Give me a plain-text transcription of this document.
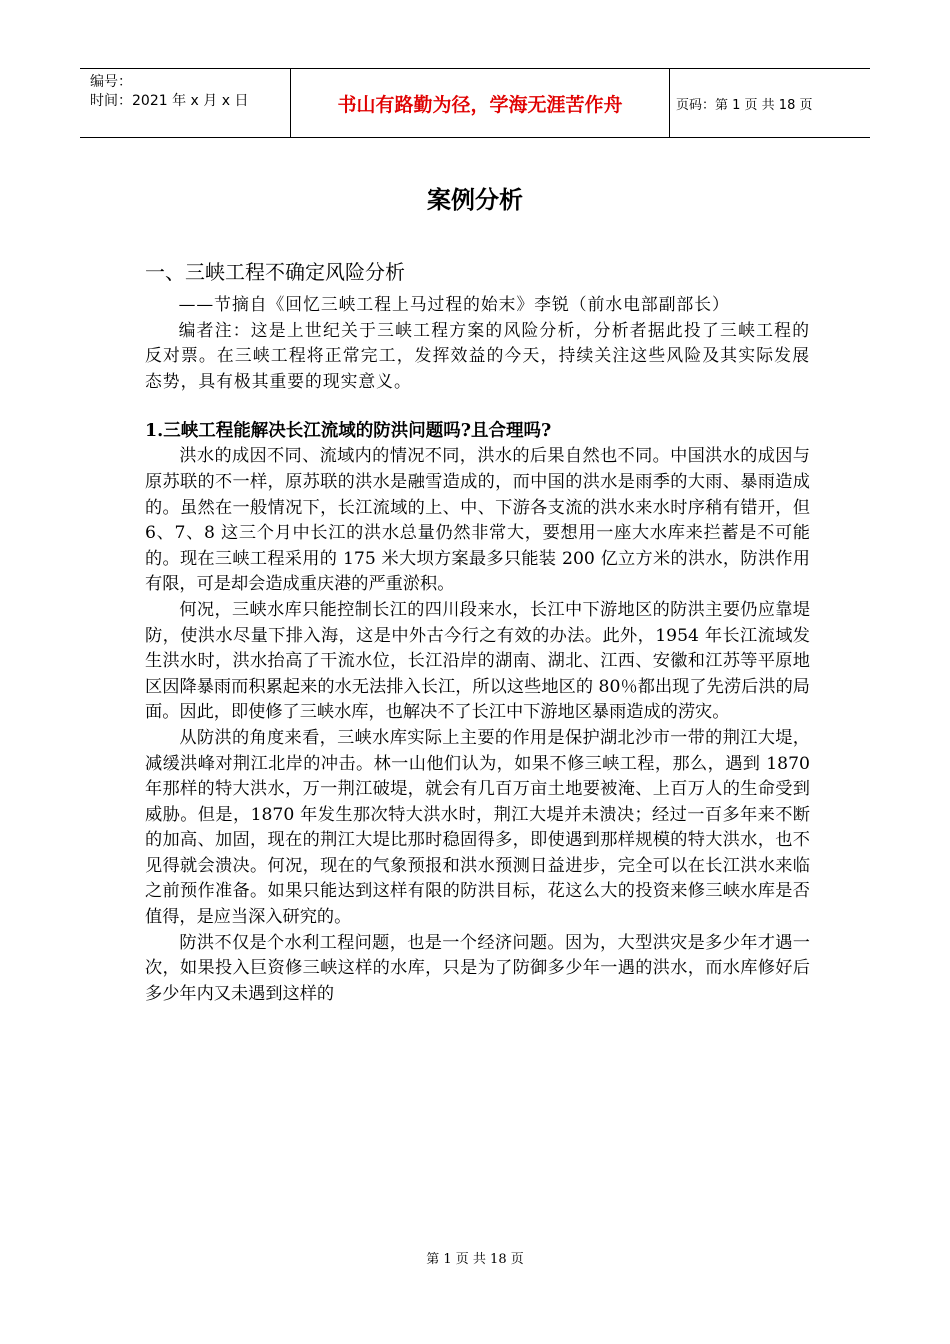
编号：
时间：2021 年 x 月 x 日	书山有路勤为径，学海无涯苦作舟	页码：第 1 页 共 18 页
案例分析
一、三峡工程不确定风险分析

——节摘自《回忆三峡工程上马过程的始末》李锐（前水电部副部长）

编者注：这是上世纪关于三峡工程方案的风险分析，分析者据此投了三峡工程的反对票。在三峡工程将正常完工，发挥效益的今天，持续关注这些风险及其实际发展态势，具有极其重要的现实意义。

1.三峡工程能解决长江流域的防洪问题吗?且合理吗?

洪水的成因不同、流域内的情况不同，洪水的后果自然也不同。中国洪水的成因与原苏联的不一样，原苏联的洪水是融雪造成的，而中国的洪水是雨季的大雨、暴雨造成的。虽然在一般情况下，长江流域的上、中、下游各支流的洪水来水时序稍有错开，但 6、7、8 这三个月中长江的洪水总量仍然非常大，要想用一座大水库来拦蓄是不可能的。现在三峡工程采用的 175 米大坝方案最多只能装 200 亿立方米的洪水，防洪作用有限，可是却会造成重庆港的严重淤积。

何况，三峡水库只能控制长江的四川段来水，长江中下游地区的防洪主要仍应靠堤防，使洪水尽量下排入海，这是中外古今行之有效的办法。此外，1954 年长江流域发生洪水时，洪水抬高了干流水位，长江沿岸的湖南、湖北、江西、安徽和江苏等平原地区因降暴雨而积累起来的水无法排入长江，所以这些地区的 80％都出现了先涝后洪的局面。因此，即使修了三峡水库，也解决不了长江中下游地区暴雨造成的涝灾。

从防洪的角度来看，三峡水库实际上主要的作用是保护湖北沙市一带的荆江大堤，减缓洪峰对荆江北岸的冲击。林一山他们认为，如果不修三峡工程，那么，遇到 1870 年那样的特大洪水，万一荆江破堤，就会有几百万亩土地要被淹、上百万人的生命受到威胁。但是，1870 年发生那次特大洪水时，荆江大堤并未溃决；经过一百多年来不断的加高、加固，现在的荆江大堤比那时稳固得多，即使遇到那样规模的特大洪水，也不见得就会溃决。何况，现在的气象预报和洪水预测日益进步，完全可以在长江洪水来临之前预作准备。如果只能达到这样有限的防洪目标，花这么大的投资来修三峡水库是否值得，是应当深入研究的。

防洪不仅是个水利工程问题，也是一个经济问题。因为，大型洪灾是多少年才遇一次，如果投入巨资修三峡这样的水库，只是为了防御多少年一遇的洪水，而水库修好后多少年内又未遇到这样的

第 1 页 共 18 页
